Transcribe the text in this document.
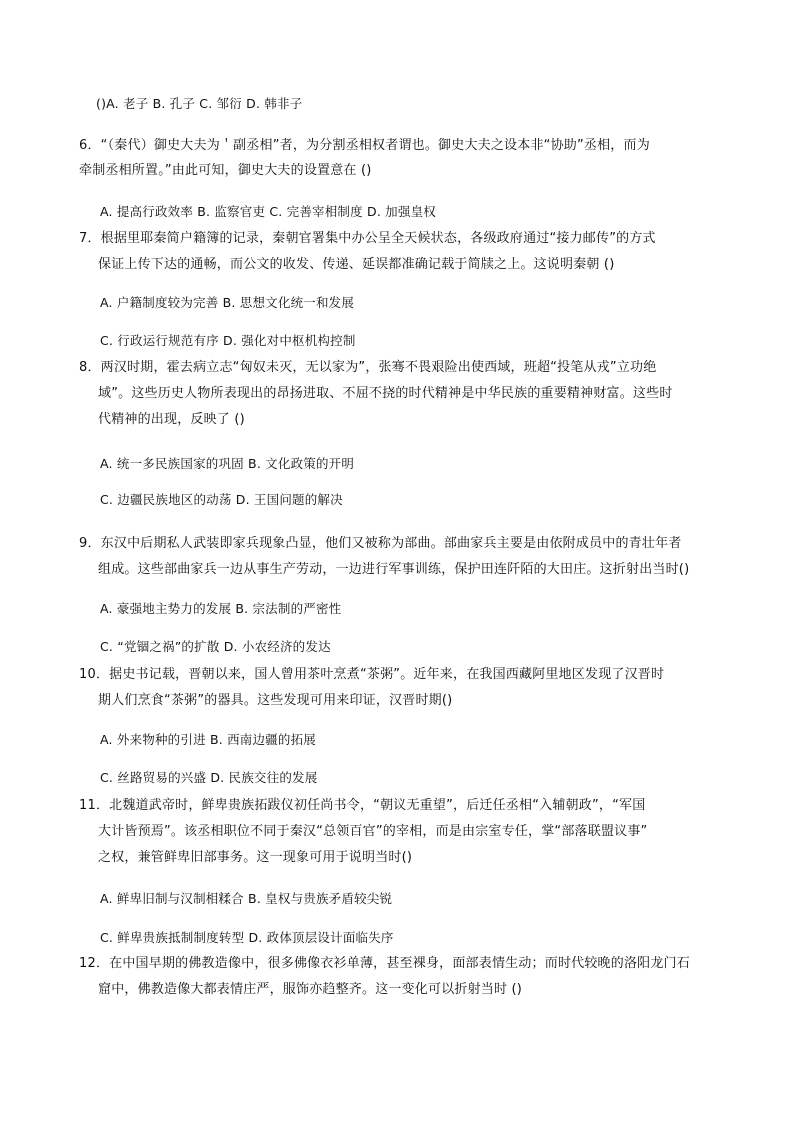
()A. 老子 B. 孔子 C. 邹衍 D. 韩非子
6．“（秦代）御史大夫为＇副丞相”者，为分割丞相权者谓也。御史大夫之设本非“协助”丞相，而为
牵制丞相所置。”由此可知，御史大夫的设置意在 ()
A. 提高行政效率 B. 监察官吏 C. 完善宰相制度 D. 加强皇权
7．根据里耶秦简户籍簿的记录，秦朝官署集中办公呈全天候状态，各级政府通过“接力邮传”的方式
保证上传下达的通畅，而公文的收发、传递、延误都准确记载于简牍之上。这说明秦朝 ()
A. 户籍制度较为完善 B. 思想文化统一和发展
C. 行政运行规范有序 D. 强化对中枢机构控制
8．两汉时期，霍去病立志“匈奴未灭，无以家为”，张骞不畏艰险出使西域，班超“投笔从戎”立功绝
域”。这些历史人物所表现出的昂扬进取、不屈不挠的时代精神是中华民族的重要精神财富。这些时
代精神的出现，反映了 ()
A. 统一多民族国家的巩固 B. 文化政策的开明
C. 边疆民族地区的动荡 D. 王国问题的解决
9．东汉中后期私人武装即家兵现象凸显，他们又被称为部曲。部曲家兵主要是由依附成员中的青壮年者
组成。这些部曲家兵一边从事生产劳动，一边进行军事训练，保护田连阡陌的大田庄。这折射出当时()
A. 豪强地主势力的发展 B. 宗法制的严密性
C. “党锢之祸”的扩散 D. 小农经济的发达
10．据史书记载，晋朝以来，国人曾用茶叶烹煮“茶粥”。近年来，在我国西藏阿里地区发现了汉晋时
期人们烹食“茶粥”的器具。这些发现可用来印证，汉晋时期()
A. 外来物种的引进 B. 西南边疆的拓展
C. 丝路贸易的兴盛 D. 民族交往的发展
11．北魏道武帝时，鲜卑贵族拓跋仪初任尚书令，“朝议无重望”，后迁任丞相“入辅朝政”，“军国
大计皆预焉”。该丞相职位不同于秦汉“总领百官”的宰相，而是由宗室专任，掌“部落联盟议事”
之权，兼管鲜卑旧部事务。这一现象可用于说明当时()
A. 鲜卑旧制与汉制相糅合 B. 皇权与贵族矛盾较尖锐
C. 鲜卑贵族抵制制度转型 D. 政体顶层设计面临失序
12．在中国早期的佛教造像中，很多佛像衣衫单薄，甚至裸身，面部表情生动；而时代较晚的洛阳龙门石
窟中，佛教造像大都表情庄严，服饰亦趋整齐。这一变化可以折射当时 ()
